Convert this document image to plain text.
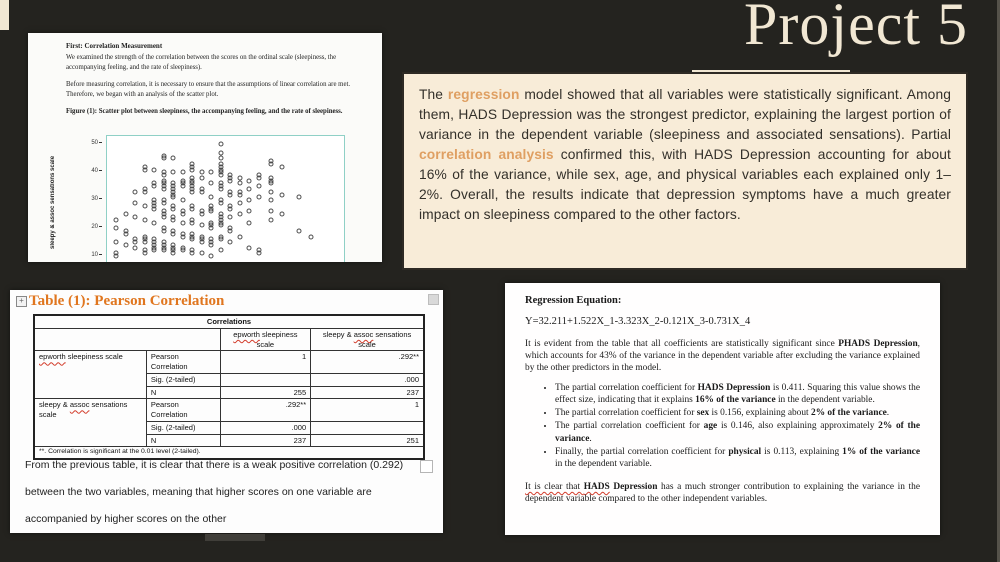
Project 5
First: Correlation Measurement

We examined the strength of the correlation between the scores on the ordinal scale (sleepiness, the accompanying feeling, and the rate of sleepiness).

Before measuring correlation, it is necessary to ensure that the assumptions of linear correlation are met. Therefore, we began with an analysis of the scatter plot.

Figure (1): Scatter plot between sleepiness, the accompanying feeling, and the rate of sleepiness.

sleepy & assoc sensations scale
10
20
30
40
50

The regression model showed that all variables were statistically significant. Among them, HADS Depression was the strongest predictor, explaining the largest portion of variance in the dependent variable (sleepiness and associated sensations). Partial correlation analysis confirmed this, with HADS Depression accounting for about 16% of the variance, while sex, age, and physical variables each explained only 1–2%. Overall, the results indicate that depression symptoms have a much greater impact on sleepiness compared to the other factors.

+ Table (1): Pearson Correlation
Correlations			
		epworth sleepiness scale	sleepy & assoc sensations scale
epworth sleepiness scale	Pearson Correlation	1	.292**
	Sig. (2-tailed)		.000
	N	255	237
sleepy & assoc sensations scale	Pearson Correlation	.292**	1
	Sig. (2-tailed)	.000	
	N	237	251
**. Correlation is significant at the 0.01 level (2-tailed).			

From the previous table, it is clear that there is a weak positive correlation (0.292)

between the two variables, meaning that higher scores on one variable are

accompanied by higher scores on the other

Regression Equation:

Y=32.211+1.522X_1-3.323X_2-0.121X_3-0.731X_4

It is evident from the table that all coefficients are statistically significant since PHADS Depression, which accounts for 43% of the variance in the dependent variable after excluding the variance explained by the other predictors in the model.

• The partial correlation coefficient for HADS Depression is 0.411. Squaring this value shows the effect size, indicating that it explains 16% of the variance in the dependent variable.
• The partial correlation coefficient for sex is 0.156, explaining about 2% of the variance.
• The partial correlation coefficient for age is 0.146, also explaining approximately 2% of the variance.
• Finally, the partial correlation coefficient for physical is 0.113, explaining 1% of the variance in the dependent variable.

It is clear that HADS Depression has a much stronger contribution to explaining the variance in the dependent variable compared to the other independent variables.
